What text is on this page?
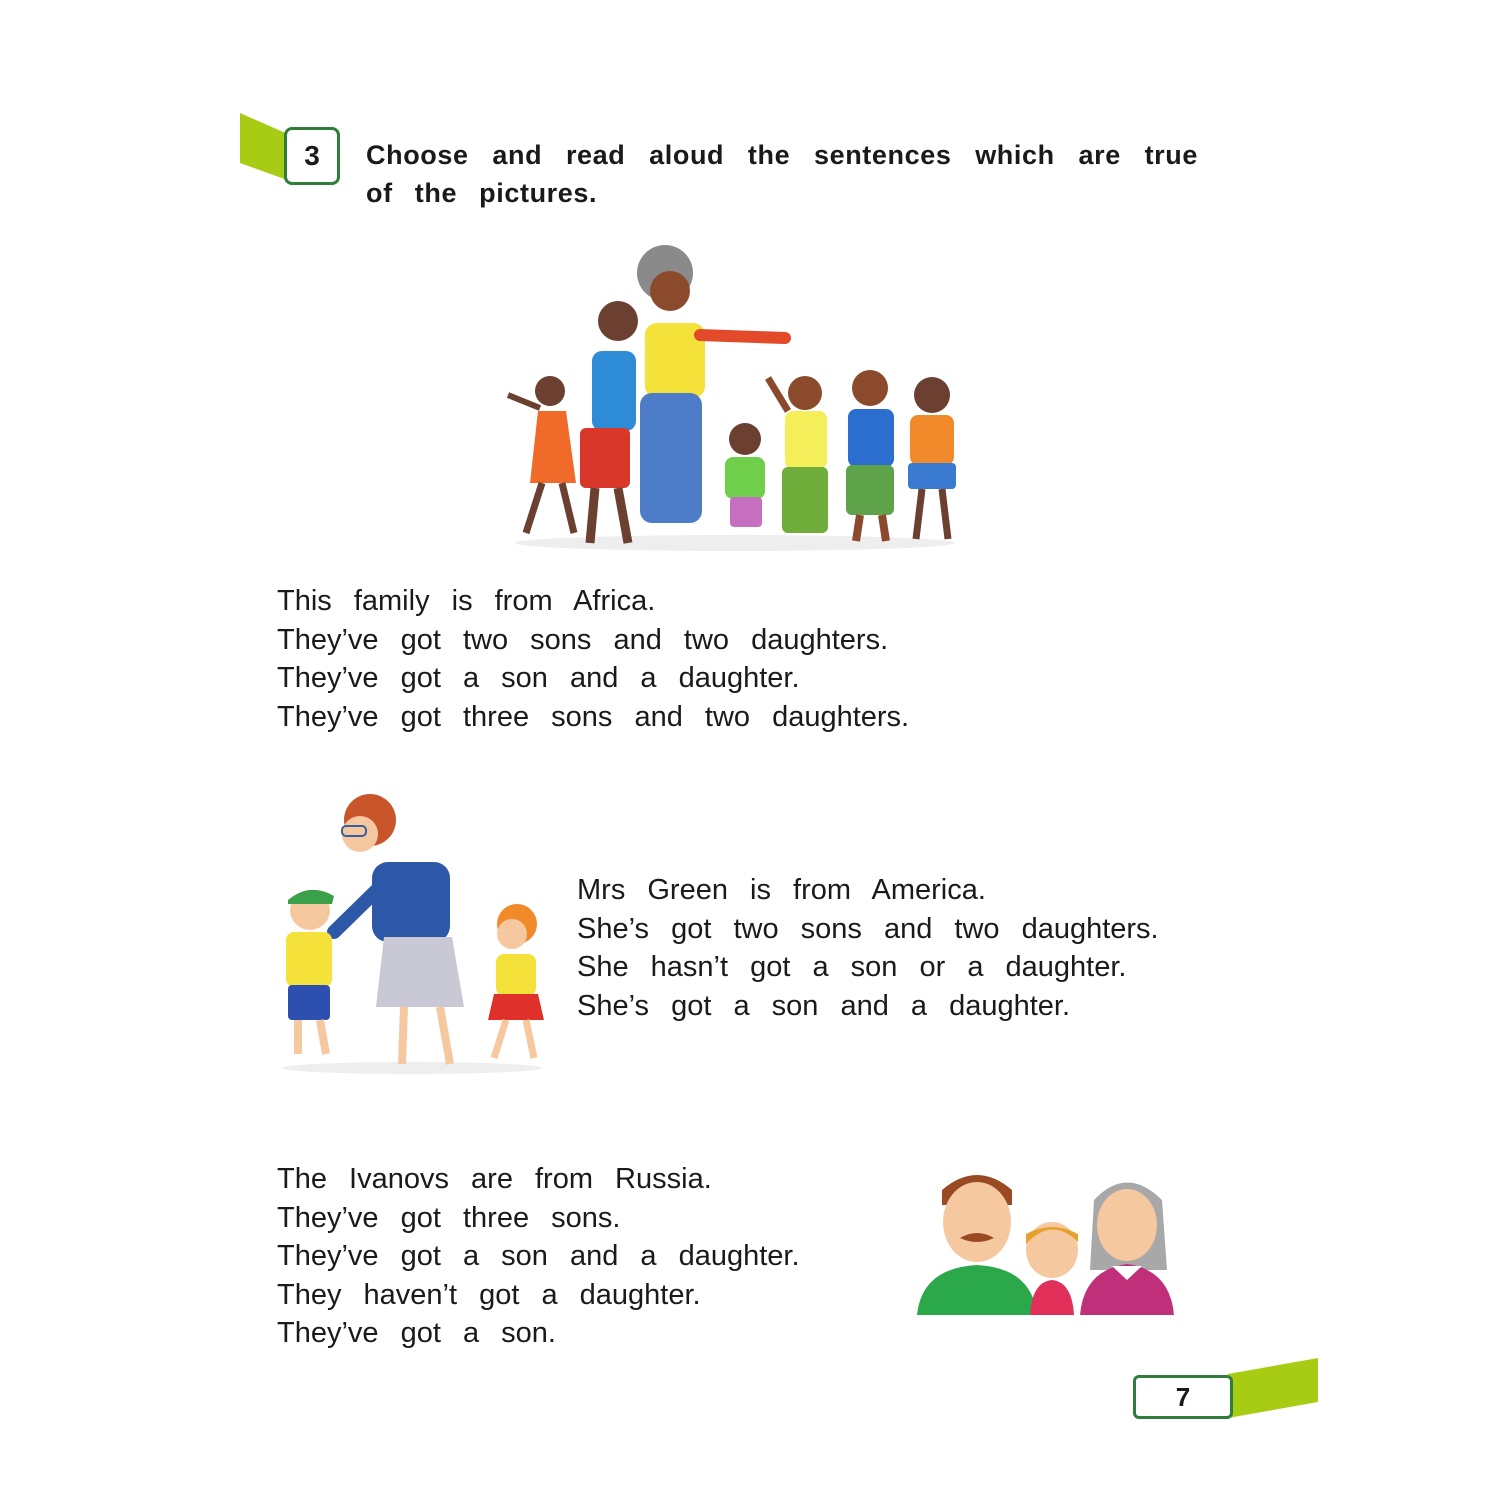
3	Choose and read aloud the sentences which are true of the pictures.

This family is from Africa.

They’ve got two sons and two daughters.

They’ve got a son and a daughter.

They’ve got three sons and two daughters.

Mrs Green is from America.

She’s got two sons and two daughters.

She hasn’t got a son or a daughter.

She’s got a son and a daughter.

The Ivanovs are from Russia.

They’ve got three sons.

They’ve got a son and a daughter.

They haven’t got a daughter.

They’ve got a son.

7
